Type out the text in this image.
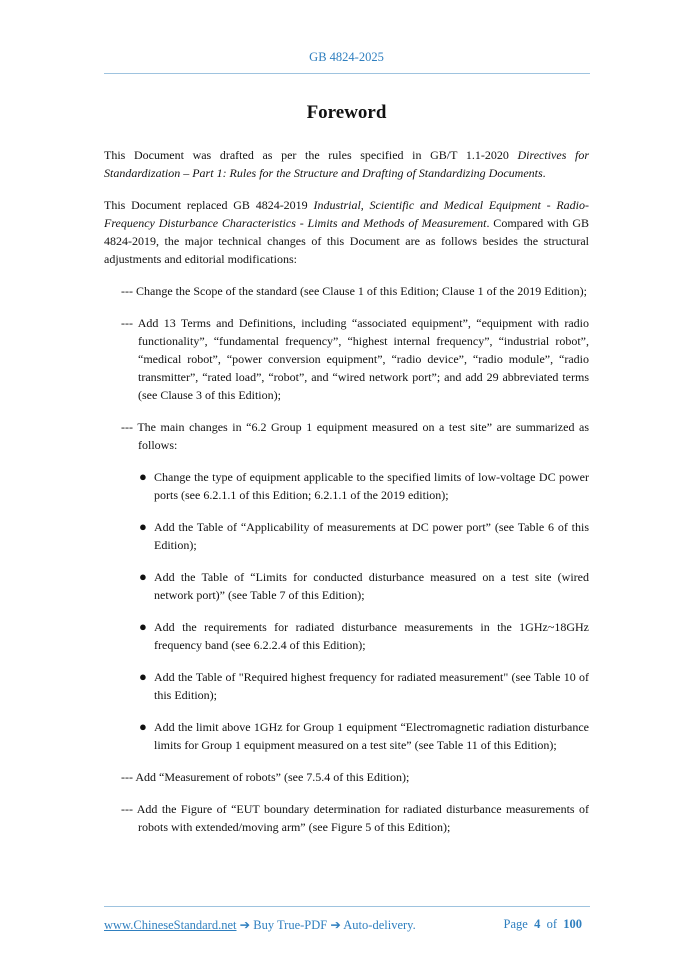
GB 4824-2025
Foreword

This Document was drafted as per the rules specified in GB/T 1.1-2020 Directives for Standardization – Part 1: Rules for the Structure and Drafting of Standardizing Documents.

This Document replaced GB 4824-2019 Industrial, Scientific and Medical Equipment - Radio-Frequency Disturbance Characteristics - Limits and Methods of Measurement. Compared with GB 4824-2019, the major technical changes of this Document are as follows besides the structural adjustments and editorial modifications:

--- Change the Scope of the standard (see Clause 1 of this Edition; Clause 1 of the 2019 Edition);
--- Add 13 Terms and Definitions, including “associated equipment”, “equipment with radio functionality”, “fundamental frequency”, “highest internal frequency”, “industrial robot”, “medical robot”, “power conversion equipment”, “radio device”, “radio module”, “radio transmitter”, “rated load”, “robot”, and “wired network port”; and add 29 abbreviated terms (see Clause 3 of this Edition);
--- The main changes in “6.2 Group 1 equipment measured on a test site” are summarized as follows:
● Change the type of equipment applicable to the specified limits of low-voltage DC power ports (see 6.2.1.1 of this Edition; 6.2.1.1 of the 2019 edition);
● Add the Table of “Applicability of measurements at DC power port” (see Table 6 of this Edition);
● Add the Table of “Limits for conducted disturbance measured on a test site (wired network port)” (see Table 7 of this Edition);
● Add the requirements for radiated disturbance measurements in the 1GHz~18GHz frequency band (see 6.2.2.4 of this Edition);
● Add the Table of "Required highest frequency for radiated measurement" (see Table 10 of this Edition);
● Add the limit above 1GHz for Group 1 equipment “Electromagnetic radiation disturbance limits for Group 1 equipment measured on a test site” (see Table 11 of this Edition);
--- Add “Measurement of robots” (see 7.5.4 of this Edition);
--- Add the Figure of “EUT boundary determination for radiated disturbance measurements of robots with extended/moving arm” (see Figure 5 of this Edition);
www.ChineseStandard.net ➔ Buy True-PDF ➔ Auto-delivery.	Page 4 of 100
